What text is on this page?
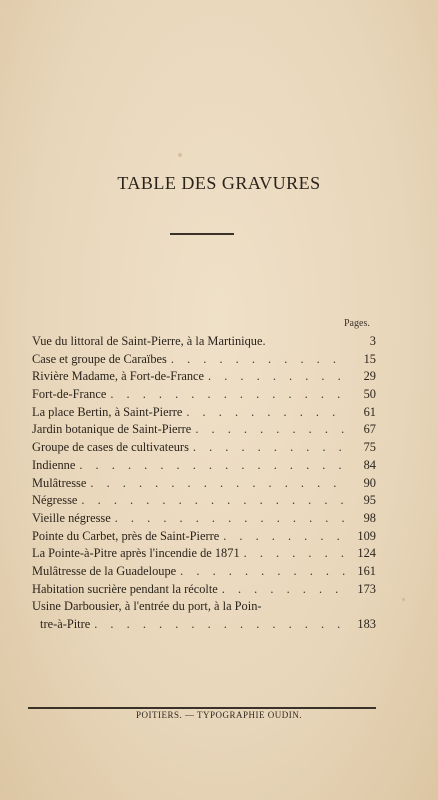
TABLE DES GRAVURES
Pages.
Vue du littoral de Saint-Pierre, à la Martinique.	3
Case et groupe de Caraïbes . . .	15
Rivière Madame, à Fort-de-France . . .	29
Fort-de-France . . .	50
La place Bertin, à Saint-Pierre . . .	61
Jardin botanique de Saint-Pierre . . .	67
Groupe de cases de cultivateurs . . .	75
Indienne . . .	84
Mulâtresse . . .	90
Négresse . . .	95
Vieille négresse . . .	98
Pointe du Carbet, près de Saint-Pierre . . .	109
La Pointe-à-Pitre après l'incendie de 1871 . . .	124
Mulâtresse de la Guadeloupe . . .	161
Habitation sucrière pendant la récolte . . .	173
Usine Darbousier, à l'entrée du port, à la Poin-
tre-à-Pitre . . .	183
POITIERS. — TYPOGRAPHIE OUDIN.
